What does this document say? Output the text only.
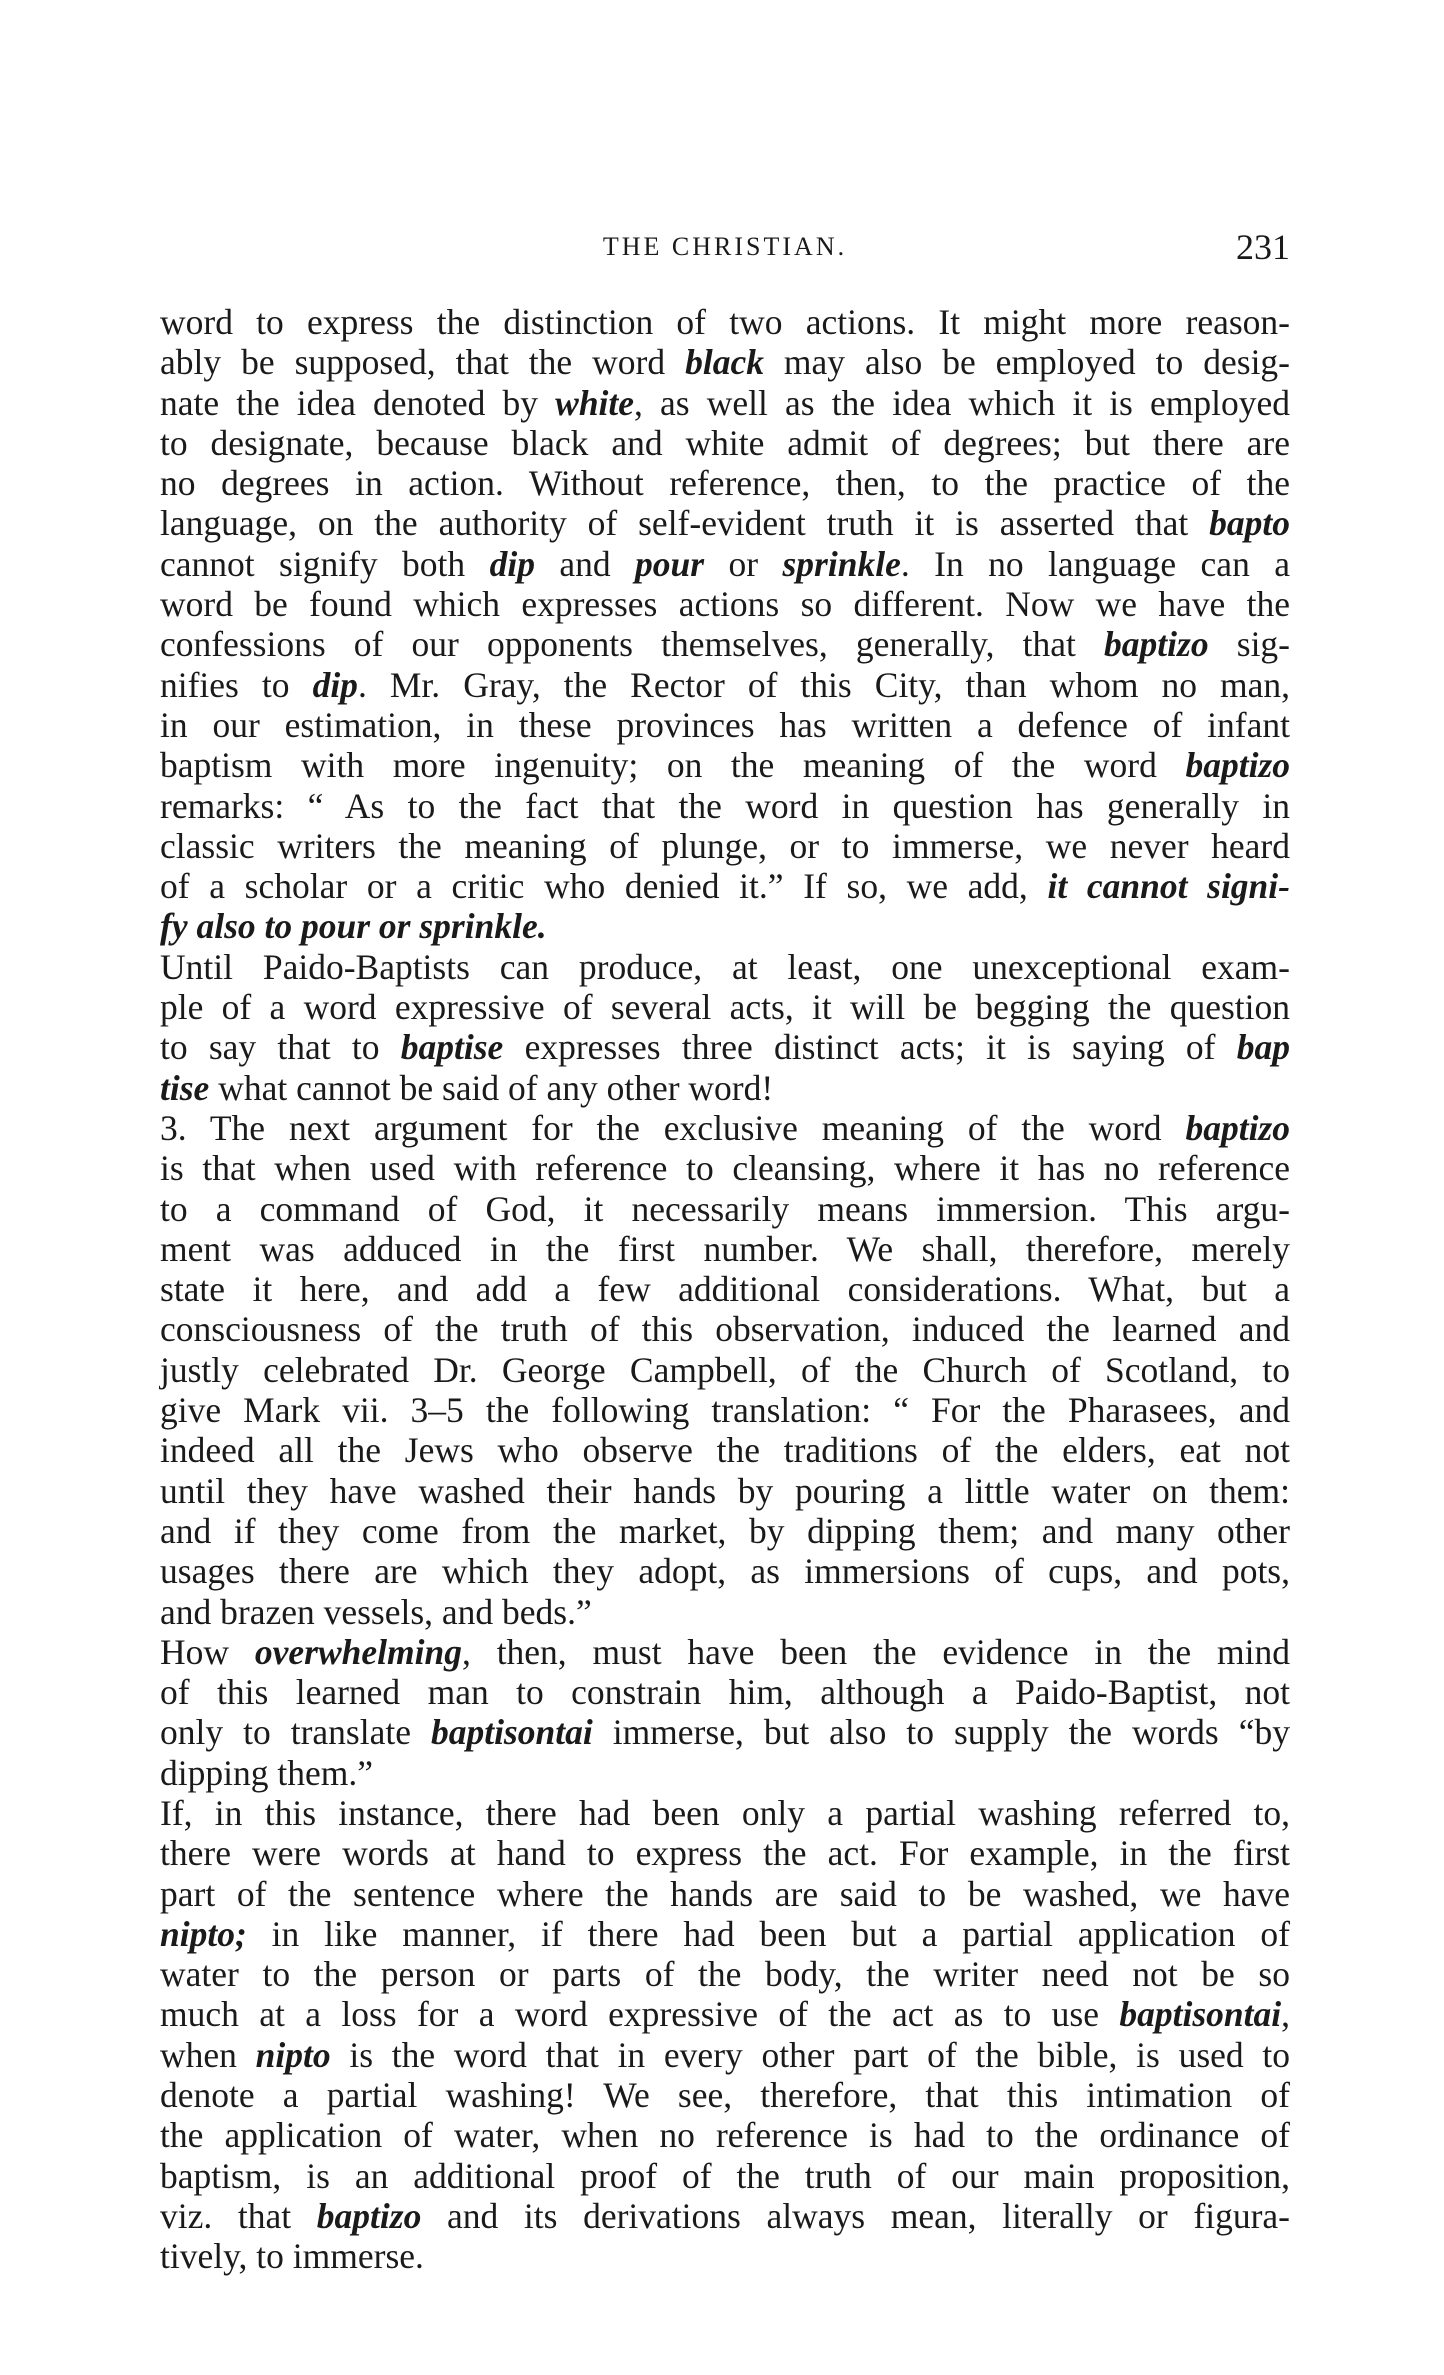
THE CHRISTIAN.	231
word to express the distinction of two actions. It might more reason-
ably be supposed, that the word black may also be employed to desig-
nate the idea denoted by white, as well as the idea which it is employed
to designate, because black and white admit of degrees; but there are
no degrees in action. Without reference, then, to the practice of the
language, on the authority of self-evident truth it is asserted that bapto
cannot signify both dip and pour or sprinkle. In no language can a
word be found which expresses actions so different. Now we have the
confessions of our opponents themselves, generally, that baptizo sig-
nifies to dip. Mr. Gray, the Rector of this City, than whom no man,
in our estimation, in these provinces has written a defence of infant
baptism with more ingenuity; on the meaning of the word baptizo
remarks: “ As to the fact that the word in question has generally in
classic writers the meaning of plunge, or to immerse, we never heard
of a scholar or a critic who denied it.” If so, we add, it cannot signi-
fy also to pour or sprinkle.
Until Paido-Baptists can produce, at least, one unexceptional exam-
ple of a word expressive of several acts, it will be begging the question
to say that to baptise expresses three distinct acts; it is saying of bap
tise what cannot be said of any other word!
3. The next argument for the exclusive meaning of the word baptizo
is that when used with reference to cleansing, where it has no reference
to a command of God, it necessarily means immersion. This argu-
ment was adduced in the first number. We shall, therefore, merely
state it here, and add a few additional considerations. What, but a
consciousness of the truth of this observation, induced the learned and
justly celebrated Dr. George Campbell, of the Church of Scotland, to
give Mark vii. 3–5 the following translation: “ For the Pharasees, and
indeed all the Jews who observe the traditions of the elders, eat not
until they have washed their hands by pouring a little water on them:
and if they come from the market, by dipping them; and many other
usages there are which they adopt, as immersions of cups, and pots,
and brazen vessels, and beds.”
How overwhelming, then, must have been the evidence in the mind
of this learned man to constrain him, although a Paido-Baptist, not
only to translate baptisontai immerse, but also to supply the words “by
dipping them.”
If, in this instance, there had been only a partial washing referred to,
there were words at hand to express the act. For example, in the first
part of the sentence where the hands are said to be washed, we have
nipto; in like manner, if there had been but a partial application of
water to the person or parts of the body, the writer need not be so
much at a loss for a word expressive of the act as to use baptisontai,
when nipto is the word that in every other part of the bible, is used to
denote a partial washing! We see, therefore, that this intimation of
the application of water, when no reference is had to the ordinance of
baptism, is an additional proof of the truth of our main proposition,
viz. that baptizo and its derivations always mean, literally or figura-
tively, to immerse.
